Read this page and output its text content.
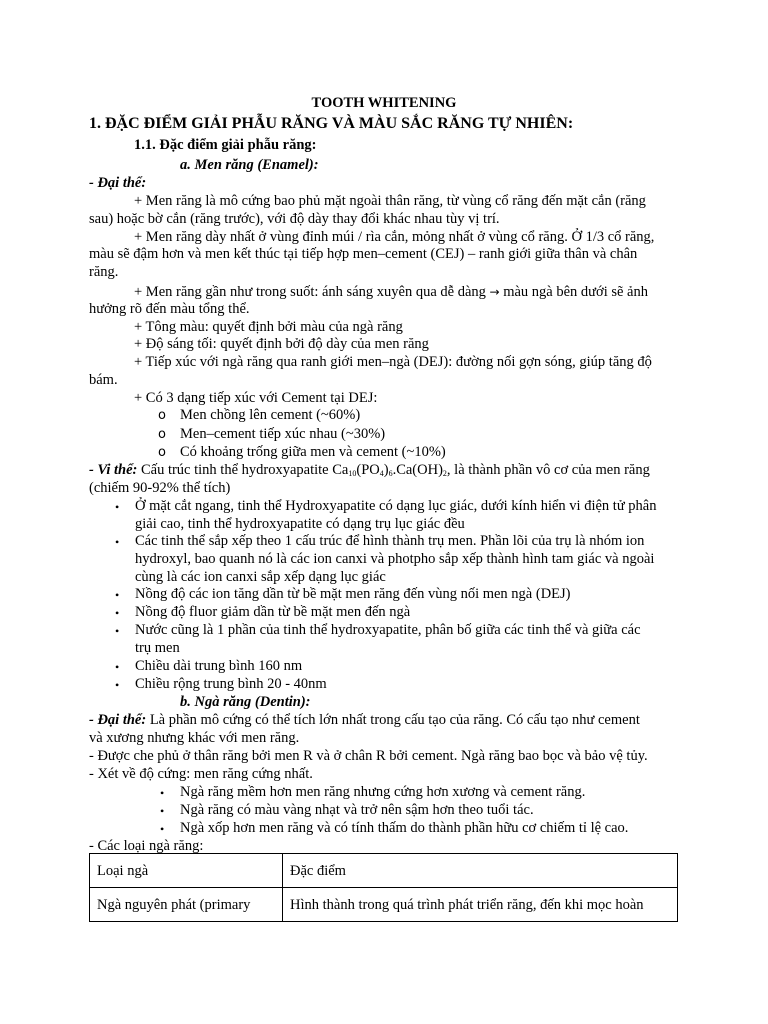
TOOTH WHITENING
1. ĐẶC ĐIỂM GIẢI PHẪU RĂNG VÀ MÀU SẮC RĂNG TỰ NHIÊN:
1.1. Đặc điểm giải phẫu răng:
a. Men răng (Enamel):
- Đại thể:
+ Men răng là mô cứng bao phủ mặt ngoài thân răng, từ vùng cổ răng đến mặt cắn (răng
sau) hoặc bờ cắn (răng trước), với độ dày thay đổi khác nhau tùy vị trí.
+ Men răng dày nhất ở vùng đỉnh múi / rìa cắn, mỏng nhất ở vùng cổ răng. Ở 1/3 cổ răng,
màu sẽ đậm hơn và men kết thúc tại tiếp hợp men–cement (CEJ) – ranh giới giữa thân và chân
răng.
+ Men răng gần như trong suốt: ánh sáng xuyên qua dễ dàng → màu ngà bên dưới sẽ ảnh
hưởng rõ đến màu tổng thể.
+ Tông màu: quyết định bởi màu của ngà răng
+ Độ sáng tối: quyết định bởi độ dày của men răng
+ Tiếp xúc với ngà răng qua ranh giới men–ngà (DEJ): đường nối gợn sóng, giúp tăng độ
bám.
+ Có 3 dạng tiếp xúc với Cement tại DEJ:
o Men chồng lên cement (~60%)
o Men–cement tiếp xúc nhau (~30%)
o Có khoảng trống giữa men và cement (~10%)
- Vi thể: Cấu trúc tinh thể hydroxyapatite $Ca_{10}(PO_4)_6.Ca(OH)_2$, là thành phần vô cơ của men răng
(chiếm 90-92% thể tích)
• Ở mặt cắt ngang, tinh thể Hydroxyapatite có dạng lục giác, dưới kính hiển vi điện tử phân
giải cao, tinh thể hydroxyapatite có dạng trụ lục giác đều
• Các tinh thể sắp xếp theo 1 cấu trúc để hình thành trụ men. Phần lõi của trụ là nhóm ion
hydroxyl, bao quanh nó là các ion canxi và photpho sắp xếp thành hình tam giác và ngoài
cùng là các ion canxi sắp xếp dạng lục giác
• Nồng độ các ion tăng dần từ bề mặt men răng đến vùng nối men ngà (DEJ)
• Nồng độ fluor giảm dần từ bề mặt men đến ngà
• Nước cũng là 1 phần của tinh thể hydroxyapatite, phân bố giữa các tinh thể và giữa các
trụ men
• Chiều dài trung bình 160 nm
• Chiều rộng trung bình 20 - 40nm
b. Ngà răng (Dentin):
- Đại thể: Là phần mô cứng có thể tích lớn nhất trong cấu tạo của răng. Có cấu tạo như cement
và xương nhưng khác với men răng.
- Được che phủ ở thân răng bởi men R và ở chân R bởi cement. Ngà răng bao bọc và bảo vệ tủy.
- Xét về độ cứng: men răng cứng nhất.
• Ngà răng mềm hơn men răng nhưng cứng hơn xương và cement răng.
• Ngà răng có màu vàng nhạt và trở nên sậm hơn theo tuổi tác.
• Ngà xốp hơn men răng và có tính thấm do thành phần hữu cơ chiếm tỉ lệ cao.
- Các loại ngà răng:
Loại ngà	Đặc điểm
Ngà nguyên phát (primary	Hình thành trong quá trình phát triển răng, đến khi mọc hoàn
